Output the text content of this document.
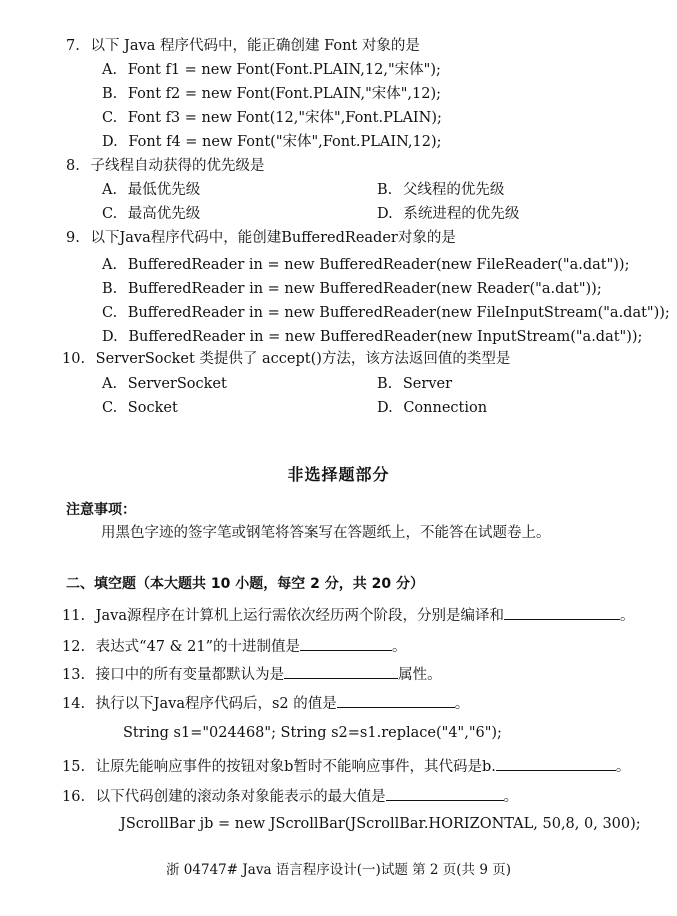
7. 以下 Java 程序代码中，能正确创建 Font 对象的是
A. Font f1 = new Font(Font.PLAIN,12,"宋体");
B. Font f2 = new Font(Font.PLAIN,"宋体",12);
C. Font f3 = new Font(12,"宋体",Font.PLAIN);
D. Font f4 = new Font("宋体",Font.PLAIN,12);
8. 子线程自动获得的优先级是
A. 最低优先级	B. 父线程的优先级
C. 最高优先级	D. 系统进程的优先级
9. 以下Java程序代码中，能创建BufferedReader对象的是
A. BufferedReader in = new BufferedReader(new FileReader("a.dat"));
B. BufferedReader in = new BufferedReader(new Reader("a.dat"));
C. BufferedReader in = new BufferedReader(new FileInputStream("a.dat"));
D. BufferedReader in = new BufferedReader(new InputStream("a.dat"));
10. ServerSocket 类提供了 accept()方法，该方法返回值的类型是
A. ServerSocket	B. Server
C. Socket	D. Connection
非选择题部分
注意事项：
用黑色字迹的签字笔或钢笔将答案写在答题纸上，不能答在试题卷上。
二、填空题（本大题共 10 小题，每空 2 分，共 20 分）
11. Java源程序在计算机上运行需依次经历两个阶段，分别是编译和	。
12. 表达式“47 & 21”的十进制值是	。
13. 接口中的所有变量都默认为是	属性。
14. 执行以下Java程序代码后，s2 的值是	。
String s1="024468"; String s2=s1.replace("4","6");
15. 让原先能响应事件的按钮对象b暂时不能响应事件，其代码是b.	。
16. 以下代码创建的滚动条对象能表示的最大值是	。
JScrollBar jb = new JScrollBar(JScrollBar.HORIZONTAL, 50,8, 0, 300);
浙 04747# Java 语言程序设计(一)试题 第 2 页(共 9 页)
